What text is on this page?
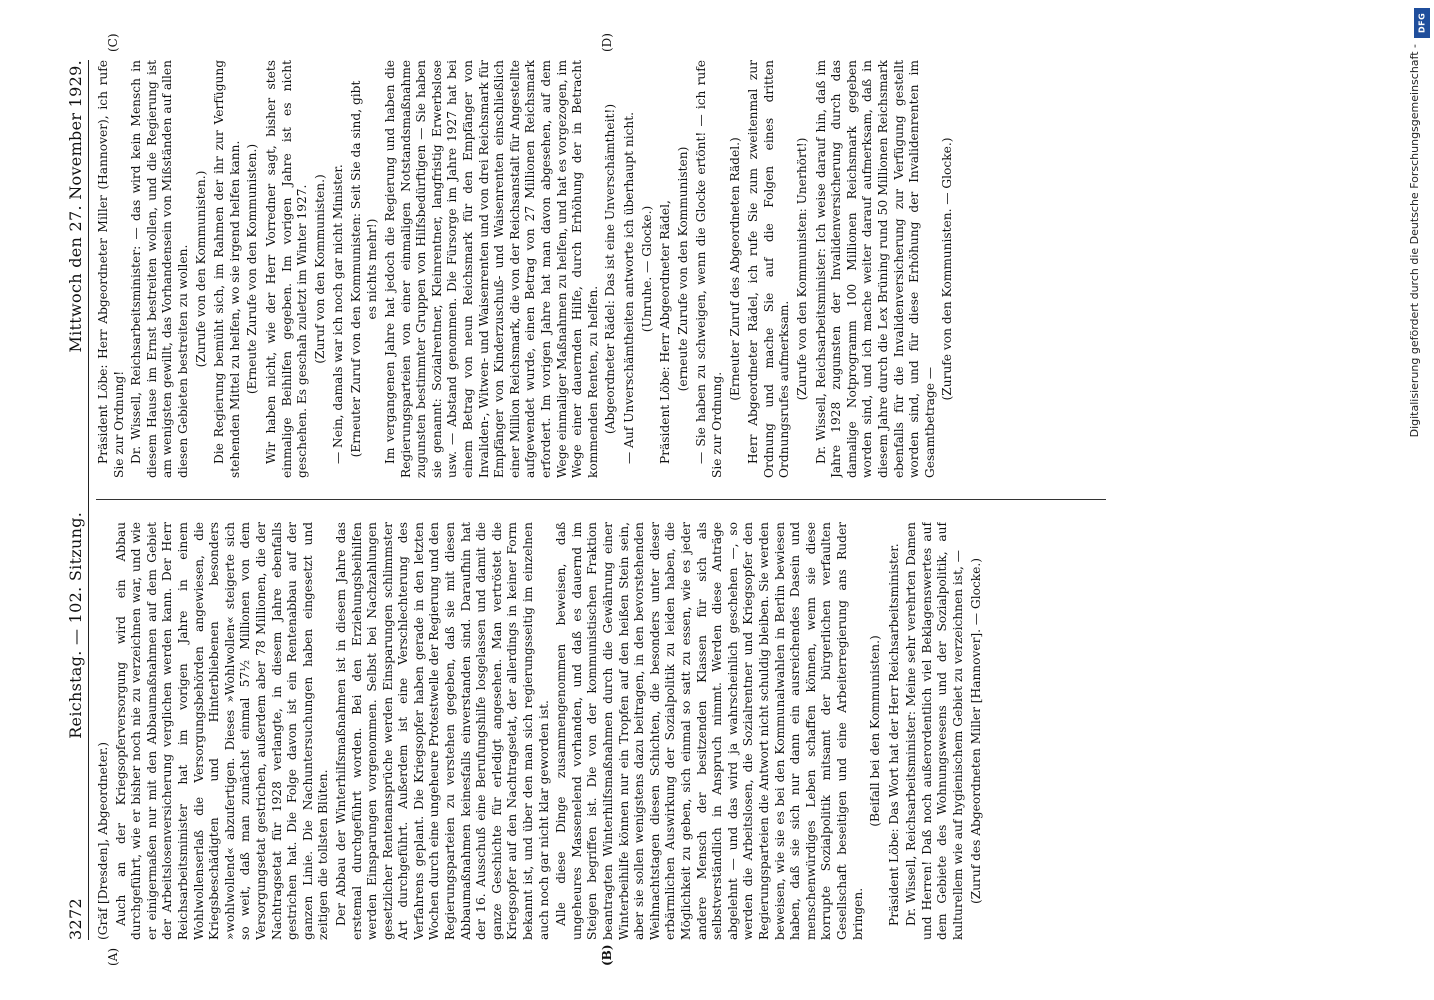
3272
Reichstag. — 102. Sitzung.
Mittwoch den 27. November 1929.
(A)	(B)
(C)	(D)

(Gräf [Dresden], Abgeordneter.) Auch an der Kriegsopferversorgung wird ein Abbau durchgeführt, wie er bisher noch nie zu verzeichnen war, und wie er einigermaßen nur mit den Abbaumaßnahmen auf dem Gebiet der Arbeitslosenversicherung verglichen werden kann. Der Herr Reichsarbeitsminister hat im vorigen Jahre in einem Wohlwollenserlaß die Versorgungsbehörden angewiesen, die Kriegsbeschädigten und Hinterbliebenen besonders »wohlwollend« abzufertigen. Dieses »Wohlwollen« steigerte sich so weit, daß man zunächst einmal 57½ Millionen von dem Versorgungsetat gestrichen, außerdem aber 78 Millionen, die der Nachtragsetat für 1928 verlangte, in diesem Jahre ebenfalls gestrichen hat. Die Folge davon ist ein Rentenabbau auf der ganzen Linie. Die Nachuntersuchungen haben eingesetzt und zeitigen die tollsten Blüten. Der Abbau der Winterhilfsmaßnahmen ist in diesem Jahre das erstemal durchgeführt worden. Bei den Erziehungsbeihilfen werden Einsparungen vorgenommen. Selbst bei Nachzahlungen gesetzlicher Rentenansprüche werden Einsparungen schlimmster Art durchgeführt. Außerdem ist eine Verschlechterung des Verfahrens geplant. Die Kriegsopfer haben gerade in den letzten Wochen durch eine ungeheure Protestwelle der Regierung und den Regierungsparteien zu verstehen gegeben, daß sie mit diesen Abbaumaßnahmen keinesfalls einverstanden sind. Daraufhin hat der 16. Ausschuß eine Berufungshilfe losgelassen und damit die ganze Geschichte für erledigt angesehen. Man vertröstet die Kriegsopfer auf den Nachtragsetat, der allerdings in keiner Form bekannt ist, und über den man sich regierungsseitig im einzelnen auch noch gar nicht klar geworden ist. Alle diese Dinge zusammengenommen beweisen, daß ungeheures Massenelend vorhanden, und daß es dauernd im Steigen begriffen ist. Die von der kommunistischen Fraktion beantragten Winterhilfsmaßnahmen durch die Gewährung einer Winterbeihilfe können nur ein Tropfen auf den heißen Stein sein, aber sie sollen wenigstens dazu beitragen, in den bevorstehenden Weihnachtstagen diesen Schichten, die besonders unter dieser erbärmlichen Auswirkung der Sozialpolitik zu leiden haben, die Möglichkeit zu geben, sich einmal so satt zu essen, wie es jeder andere Mensch der besitzenden Klassen für sich als selbstverständlich in Anspruch nimmt. Werden diese Anträge abgelehnt — und das wird ja wahrscheinlich geschehen —, so werden die Arbeitslosen, die Sozialrentner und Kriegsopfer den Regierungsparteien die Antwort nicht schuldig bleiben. Sie werden beweisen, wie sie es bei den Kommunalwahlen in Berlin bewiesen haben, daß sie sich nur dann ein ausreichendes Dasein und menschenwürdiges Leben schaffen können, wenn sie diese korrupte Sozialpolitik mitsamt der bürgerlichen verfaulten Gesellschaft beseitigen und eine Arbeiterregierung ans Ruder bringen.

(Beifall bei den Kommunisten.) Präsident Löbe: Das Wort hat der Herr Reichsarbeitsminister. Dr. Wissell, Reichsarbeitsminister: Meine sehr verehrten Damen und Herren! Daß noch außerordentlich viel Beklagenswertes auf dem Gebiete des Wohnungswesens und der Sozialpolitik, auf kulturellem wie auf hygienischem Gebiet zu verzeichnen ist, — (Zuruf des Abgeordneten Miller [Hannover]. — Glocke.)

Präsident Löbe: Herr Abgeordneter Miller (Hannover), ich rufe Sie zur Ordnung! Dr. Wissell, Reichsarbeitsminister: — das wird kein Mensch in diesem Hause im Ernst bestreiten wollen, und die Regierung ist am wenigsten gewillt, das Vorhandensein von Mißständen auf allen diesen Gebieten bestreiten zu wollen. (Zurufe von den Kommunisten.) Die Regierung bemüht sich, im Rahmen der ihr zur Verfügung stehenden Mittel zu helfen, wo sie irgend helfen kann. (Erneute Zurufe von den Kommunisten.) Wir haben nicht, wie der Herr Vorredner sagt, bisher stets einmalige Beihilfen gegeben. Im vorigen Jahre ist es nicht geschehen. Es geschah zuletzt im Winter 1927. (Zuruf von den Kommunisten.) — Nein, damals war ich noch gar nicht Minister. (Erneuter Zuruf von den Kommunisten: Seit Sie da sind, gibt es nichts mehr!) Im vergangenen Jahre hat jedoch die Regierung und haben die Regierungsparteien von einer einmaligen Notstandsmaßnahme zugunsten bestimmter Gruppen von Hilfsbedürftigen — Sie haben sie genannt: Sozialrentner, Kleinrentner, langfristig Erwerbslose usw. — Abstand genommen. Die Fürsorge im Jahre 1927 hat bei einem Betrag von neun Reichsmark für den Empfänger von Invaliden-, Witwen- und Waisenrenten und von drei Reichsmark für Empfänger von Kinderzuschuß- und Waisenrenten einschließlich einer Million Reichsmark, die von der Reichsanstalt für Angestellte aufgewendet wurde, einen Betrag von 27 Millionen Reichsmark erfordert. Im vorigen Jahre hat man davon abgesehen, auf dem Wege einmaliger Maßnahmen zu helfen, und hat es vorgezogen, im Wege einer dauernden Hilfe, durch Erhöhung der in Betracht kommenden Renten, zu helfen. (Abgeordneter Rädel: Das ist eine Unverschämtheit!) — Auf Unverschämtheiten antworte ich überhaupt nicht. (Unruhe. — Glocke.) Präsident Löbe: Herr Abgeordneter Rädel, (erneute Zurufe von den Kommunisten) — Sie haben zu schweigen, wenn die Glocke ertönt! — ich rufe Sie zur Ordnung.

(Erneuter Zuruf des Abgeordneten Rädel.) Herr Abgeordneter Rädel, ich rufe Sie zum zweitenmal zur Ordnung und mache Sie auf die Folgen eines dritten Ordnungsrufes aufmerksam. (Zurufe von den Kommunisten: Unerhört!) Dr. Wissell, Reichsarbeitsminister: Ich weise darauf hin, daß im Jahre 1928 zugunsten der Invalidenversicherung durch das damalige Notprogramm 100 Millionen Reichsmark gegeben worden sind, und ich mache weiter darauf aufmerksam, daß in diesem Jahre durch die Lex Brüning rund 50 Millionen Reichsmark ebenfalls für die Invalidenversicherung zur Verfügung gestellt worden sind, und für diese Erhöhung der Invalidenrenten im Gesamtbetrage —

(Zurufe von den Kommunisten. — Glocke.)

DFG
Digitalisierung gefördert durch die Deutsche Forschungsgemeinschaft -
